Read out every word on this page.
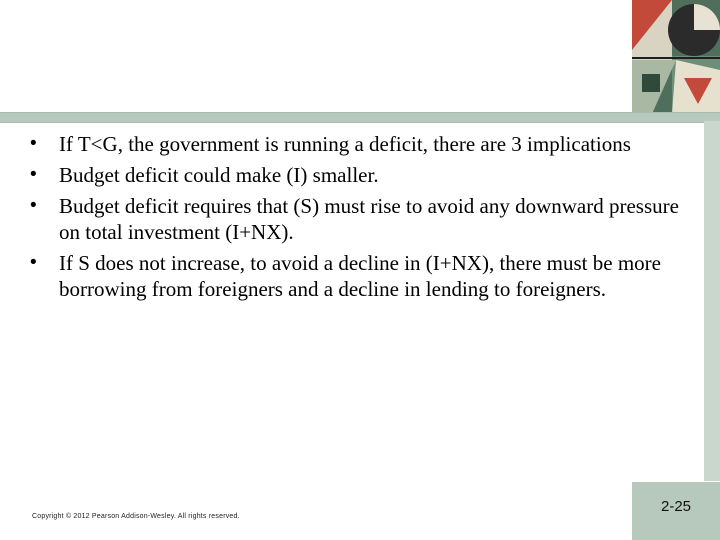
• If T<G, the government is running a deficit, there are 3 implications
• Budget deficit could make (I) smaller.
• Budget deficit requires that (S) must rise to avoid any downward pressure on total investment (I+NX).
• If S does not increase, to avoid a decline in (I+NX), there must be more borrowing from foreigners and a decline in lending to foreigners.
Copyright © 2012 Pearson Addison-Wesley. All rights reserved.
2-25
